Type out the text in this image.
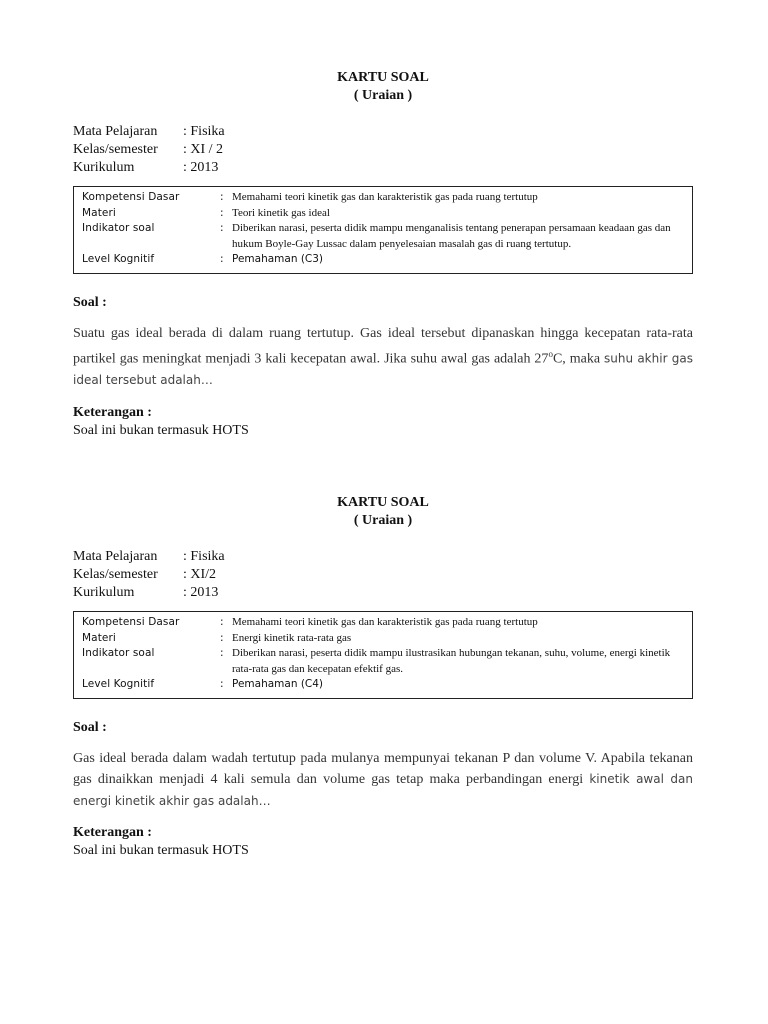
KARTU SOAL
( Uraian )
Mata Pelajaran	: Fisika
Kelas/semester	: XI / 2
Kurikulum	: 2013
Kompetensi Dasar	: Memahami teori kinetik gas dan karakteristik gas pada ruang tertutup
Materi	: Teori kinetik gas ideal
Indikator soal	: Diberikan narasi, peserta didik mampu menganalisis tentang penerapan persamaan keadaan gas dan hukum Boyle-Gay Lussac dalam penyelesaian masalah gas di ruang tertutup.
Level Kognitif	: Pemahaman (C3)
Soal :
Suatu gas ideal berada di dalam ruang tertutup. Gas ideal tersebut dipanaskan hingga kecepatan rata-rata partikel gas meningkat menjadi 3 kali kecepatan awal. Jika suhu awal gas adalah 27$^o$C, maka suhu akhir gas ideal tersebut adalah…
Keterangan :
Soal ini bukan termasuk HOTS
KARTU SOAL
( Uraian )
Mata Pelajaran	: Fisika
Kelas/semester	: XI/2
Kurikulum	: 2013
Kompetensi Dasar	: Memahami teori kinetik gas dan karakteristik gas pada ruang tertutup
Materi	: Energi kinetik rata-rata gas
Indikator soal	: Diberikan narasi, peserta didik mampu ilustrasikan hubungan tekanan, suhu, volume, energi kinetik rata-rata gas dan kecepatan efektif gas.
Level Kognitif	: Pemahaman (C4)
Soal :
Gas ideal berada dalam wadah tertutup pada mulanya mempunyai tekanan P dan volume V. Apabila tekanan gas dinaikkan menjadi 4 kali semula dan volume gas tetap maka perbandingan energi kinetik awal dan energi kinetik akhir gas adalah…
Keterangan :
Soal ini bukan termasuk HOTS
